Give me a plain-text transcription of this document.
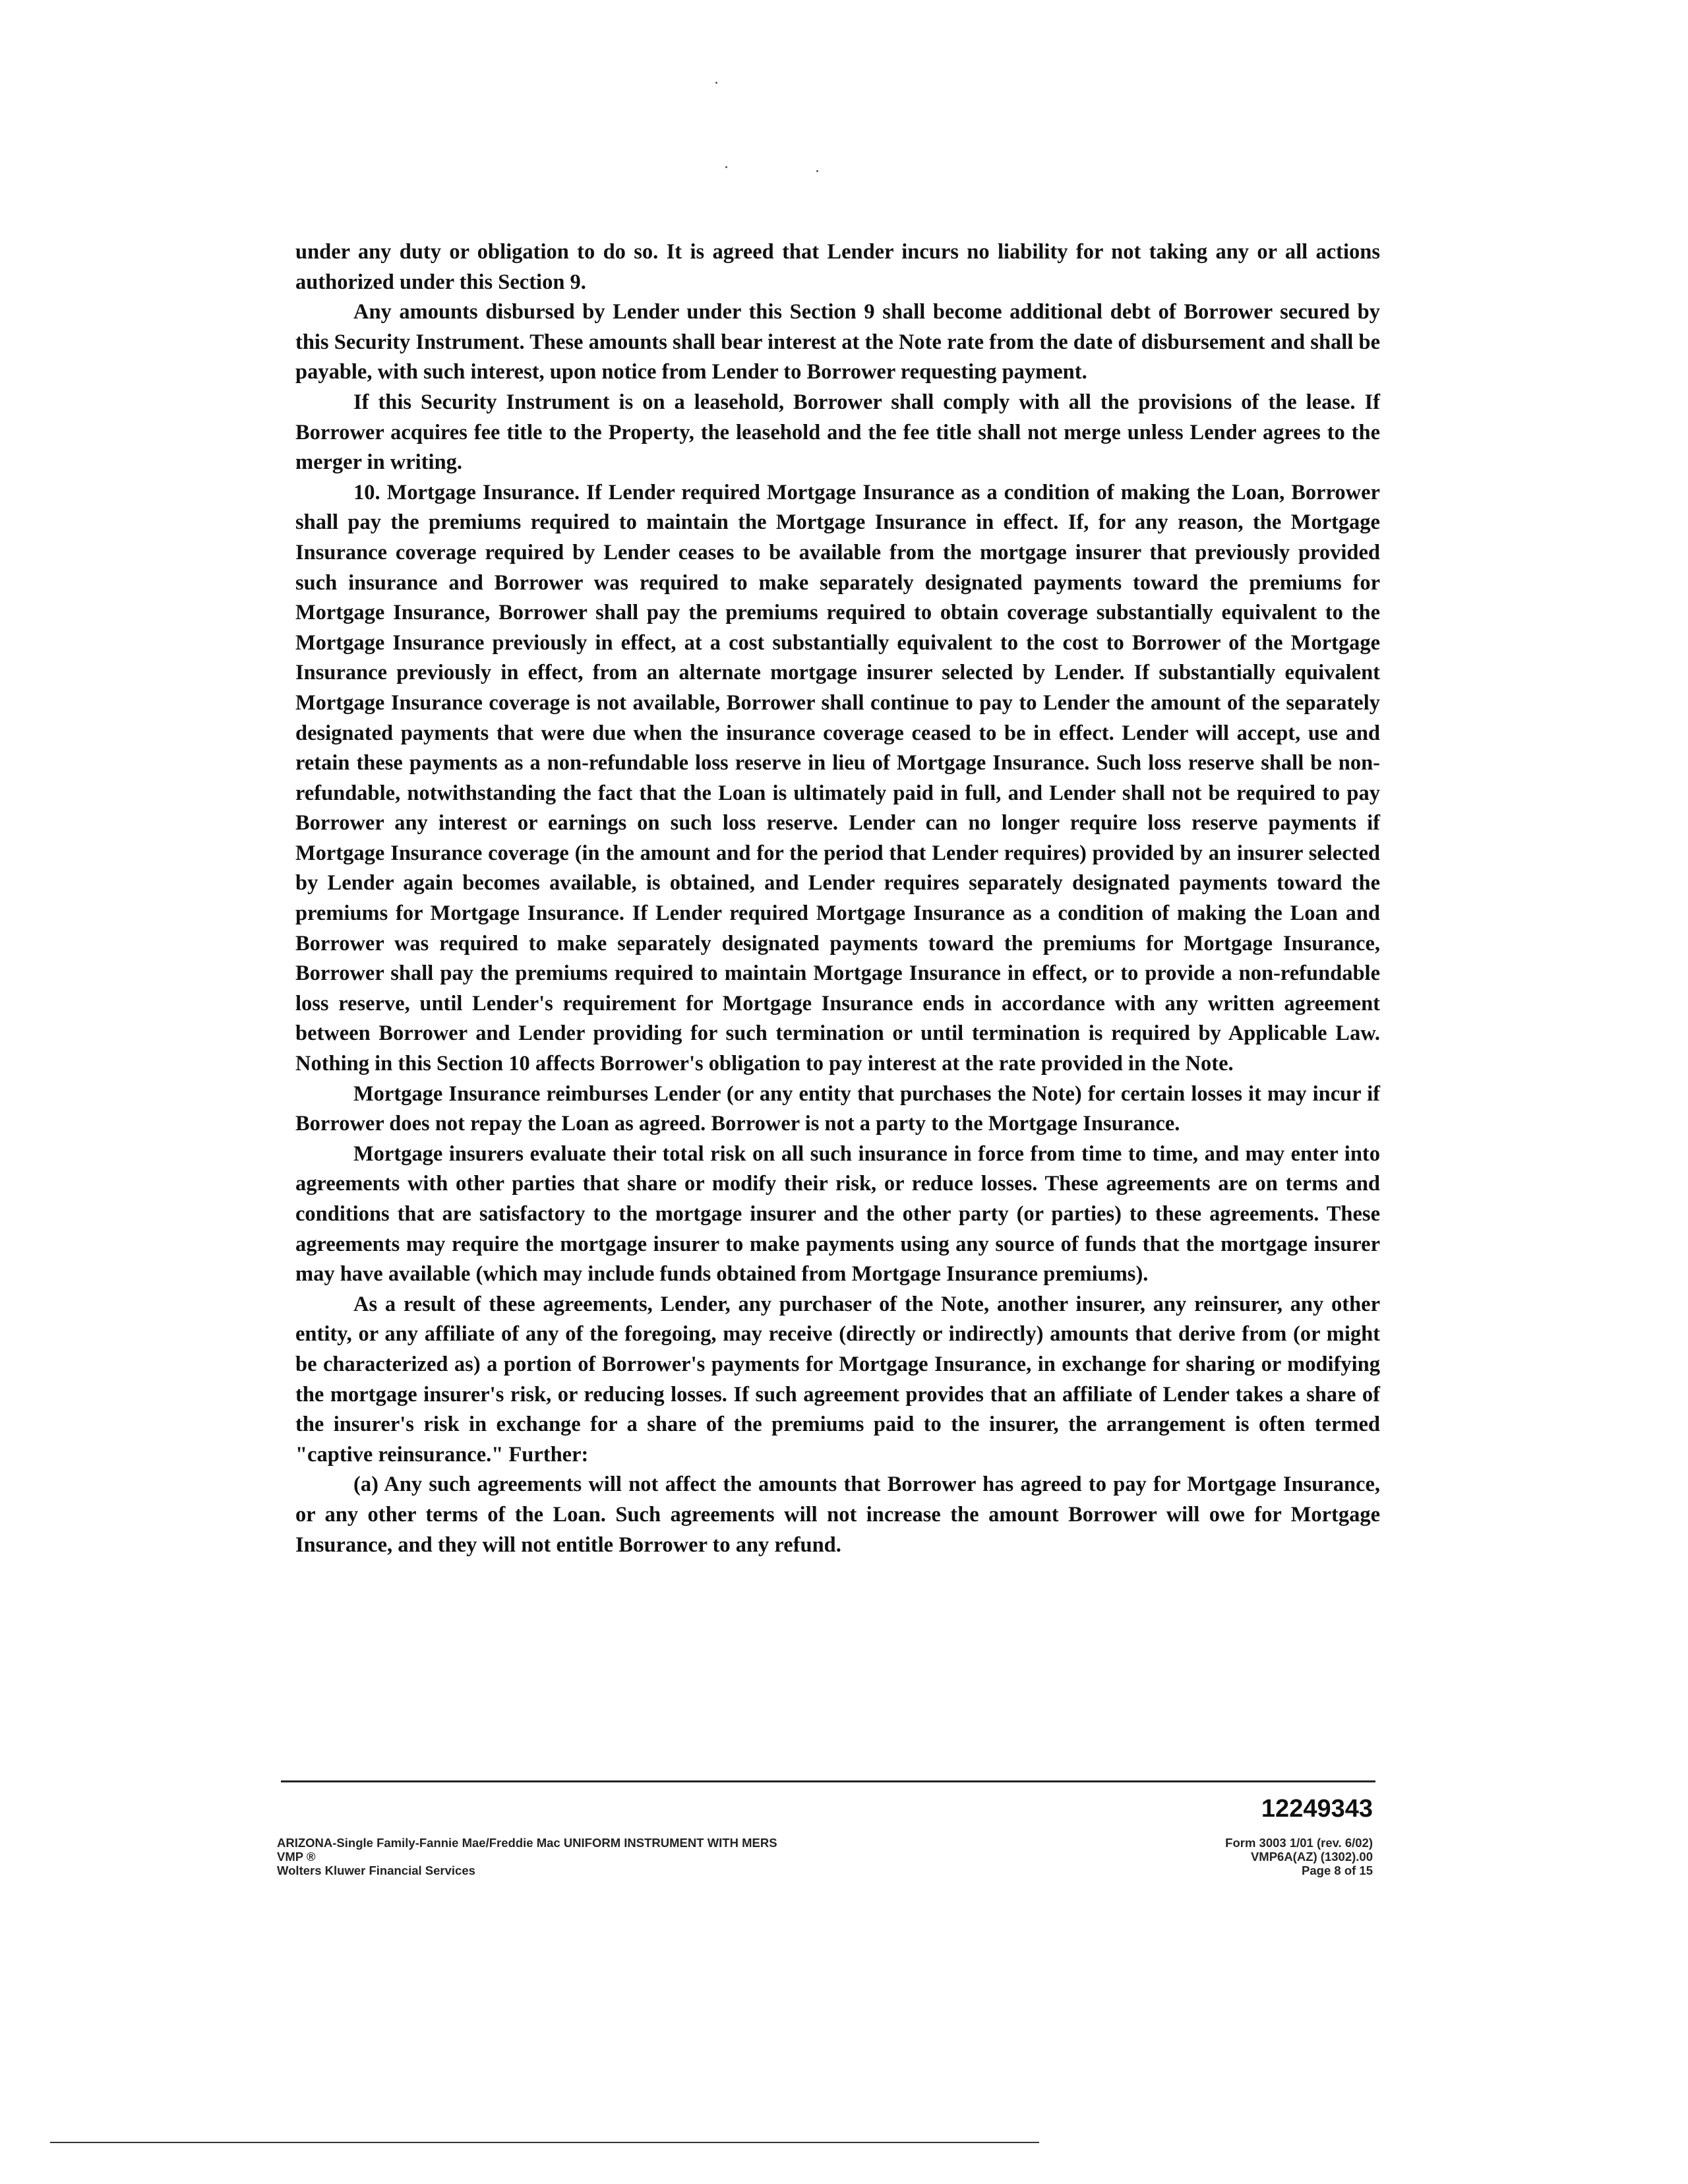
under any duty or obligation to do so. It is agreed that Lender incurs no liability for not taking any or all actions authorized under this Section 9.

Any amounts disbursed by Lender under this Section 9 shall become additional debt of Borrower secured by this Security Instrument. These amounts shall bear interest at the Note rate from the date of disbursement and shall be payable, with such interest, upon notice from Lender to Borrower requesting payment.

If this Security Instrument is on a leasehold, Borrower shall comply with all the provisions of the lease. If Borrower acquires fee title to the Property, the leasehold and the fee title shall not merge unless Lender agrees to the merger in writing.

10. Mortgage Insurance. If Lender required Mortgage Insurance as a condition of making the Loan, Borrower shall pay the premiums required to maintain the Mortgage Insurance in effect. If, for any reason, the Mortgage Insurance coverage required by Lender ceases to be available from the mortgage insurer that previously provided such insurance and Borrower was required to make separately designated payments toward the premiums for Mortgage Insurance, Borrower shall pay the premiums required to obtain coverage substantially equivalent to the Mortgage Insurance previously in effect, at a cost substantially equivalent to the cost to Borrower of the Mortgage Insurance previously in effect, from an alternate mortgage insurer selected by Lender. If substantially equivalent Mortgage Insurance coverage is not available, Borrower shall continue to pay to Lender the amount of the separately designated payments that were due when the insurance coverage ceased to be in effect. Lender will accept, use and retain these payments as a non-refundable loss reserve in lieu of Mortgage Insurance. Such loss reserve shall be non-refundable, notwithstanding the fact that the Loan is ultimately paid in full, and Lender shall not be required to pay Borrower any interest or earnings on such loss reserve. Lender can no longer require loss reserve payments if Mortgage Insurance coverage (in the amount and for the period that Lender requires) provided by an insurer selected by Lender again becomes available, is obtained, and Lender requires separately designated payments toward the premiums for Mortgage Insurance. If Lender required Mortgage Insurance as a condition of making the Loan and Borrower was required to make separately designated payments toward the premiums for Mortgage Insurance, Borrower shall pay the premiums required to maintain Mortgage Insurance in effect, or to provide a non-refundable loss reserve, until Lender's requirement for Mortgage Insurance ends in accordance with any written agreement between Borrower and Lender providing for such termination or until termination is required by Applicable Law. Nothing in this Section 10 affects Borrower's obligation to pay interest at the rate provided in the Note.

Mortgage Insurance reimburses Lender (or any entity that purchases the Note) for certain losses it may incur if Borrower does not repay the Loan as agreed. Borrower is not a party to the Mortgage Insurance.

Mortgage insurers evaluate their total risk on all such insurance in force from time to time, and may enter into agreements with other parties that share or modify their risk, or reduce losses. These agreements are on terms and conditions that are satisfactory to the mortgage insurer and the other party (or parties) to these agreements. These agreements may require the mortgage insurer to make payments using any source of funds that the mortgage insurer may have available (which may include funds obtained from Mortgage Insurance premiums).

As a result of these agreements, Lender, any purchaser of the Note, another insurer, any reinsurer, any other entity, or any affiliate of any of the foregoing, may receive (directly or indirectly) amounts that derive from (or might be characterized as) a portion of Borrower's payments for Mortgage Insurance, in exchange for sharing or modifying the mortgage insurer's risk, or reducing losses. If such agreement provides that an affiliate of Lender takes a share of the insurer's risk in exchange for a share of the premiums paid to the insurer, the arrangement is often termed "captive reinsurance." Further:

(a) Any such agreements will not affect the amounts that Borrower has agreed to pay for Mortgage Insurance, or any other terms of the Loan. Such agreements will not increase the amount Borrower will owe for Mortgage Insurance, and they will not entitle Borrower to any refund.

12249343
ARIZONA-Single Family-Fannie Mae/Freddie Mac UNIFORM INSTRUMENT WITH MERS
VMP ®
Wolters Kluwer Financial Services
Form 3003 1/01 (rev. 6/02)
VMP6A(AZ) (1302).00
Page 8 of 15
